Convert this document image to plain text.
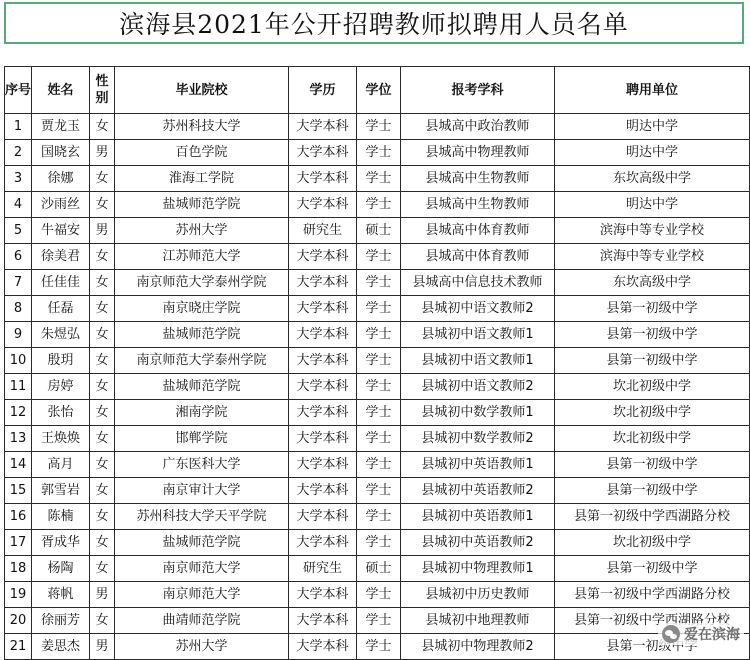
滨海县2021年公开招聘教师拟聘用人员名单
序号	姓名	性别	毕业院校	学历	学位	报考学科	聘用单位
1	贾龙玉	女	苏州科技大学	大学本科	学士	县城高中政治教师	明达中学
2	国晓玄	男	百色学院	大学本科	学士	县城高中物理教师	明达中学
3	徐娜	女	淮海工学院	大学本科	学士	县城高中生物教师	东坎高级中学
4	沙雨丝	女	盐城师范学院	大学本科	学士	县城高中生物教师	明达中学
5	牛福安	男	苏州大学	研究生	硕士	县城高中体育教师	滨海中等专业学校
6	徐美君	女	江苏师范大学	大学本科	学士	县城高中体育教师	滨海中等专业学校
7	任佳佳	女	南京师范大学泰州学院	大学本科	学士	县城高中信息技术教师	东坎高级中学
8	任磊	女	南京晓庄学院	大学本科	学士	县城初中语文教师2	县第一初级中学
9	朱煜弘	女	盐城师范学院	大学本科	学士	县城初中语文教师1	县第一初级中学
10	殷玥	女	南京师范大学泰州学院	大学本科	学士	县城初中语文教师1	县第一初级中学
11	房婷	女	盐城师范学院	大学本科	学士	县城初中语文教师2	坎北初级中学
12	张怡	女	湘南学院	大学本科	学士	县城初中数学教师1	坎北初级中学
13	王焕焕	女	邯郸学院	大学本科	学士	县城初中数学教师2	坎北初级中学
14	高月	女	广东医科大学	大学本科	学士	县城初中英语教师1	县第一初级中学
15	郭雪岩	女	南京审计大学	大学本科	学士	县城初中英语教师2	县第一初级中学
16	陈楠	女	苏州科技大学天平学院	大学本科	学士	县城初中英语教师1	县第一初级中学西湖路分校
17	胥成华	女	盐城师范学院	大学本科	学士	县城初中英语教师2	坎北初级中学
18	杨陶	女	南京师范大学	研究生	硕士	县城初中物理教师1	县第一初级中学
19	蒋帆	男	南京师范大学	大学本科	学士	县城初中历史教师	县第一初级中学西湖路分校
20	徐丽芳	女	曲靖师范学院	大学本科	学士	县城初中地理教师	县第一初级中学西湖路分校
21	姜思杰	男	苏州大学	大学本科	学士	县城初中物理教师2	县第一初级中学
爱在滨海
